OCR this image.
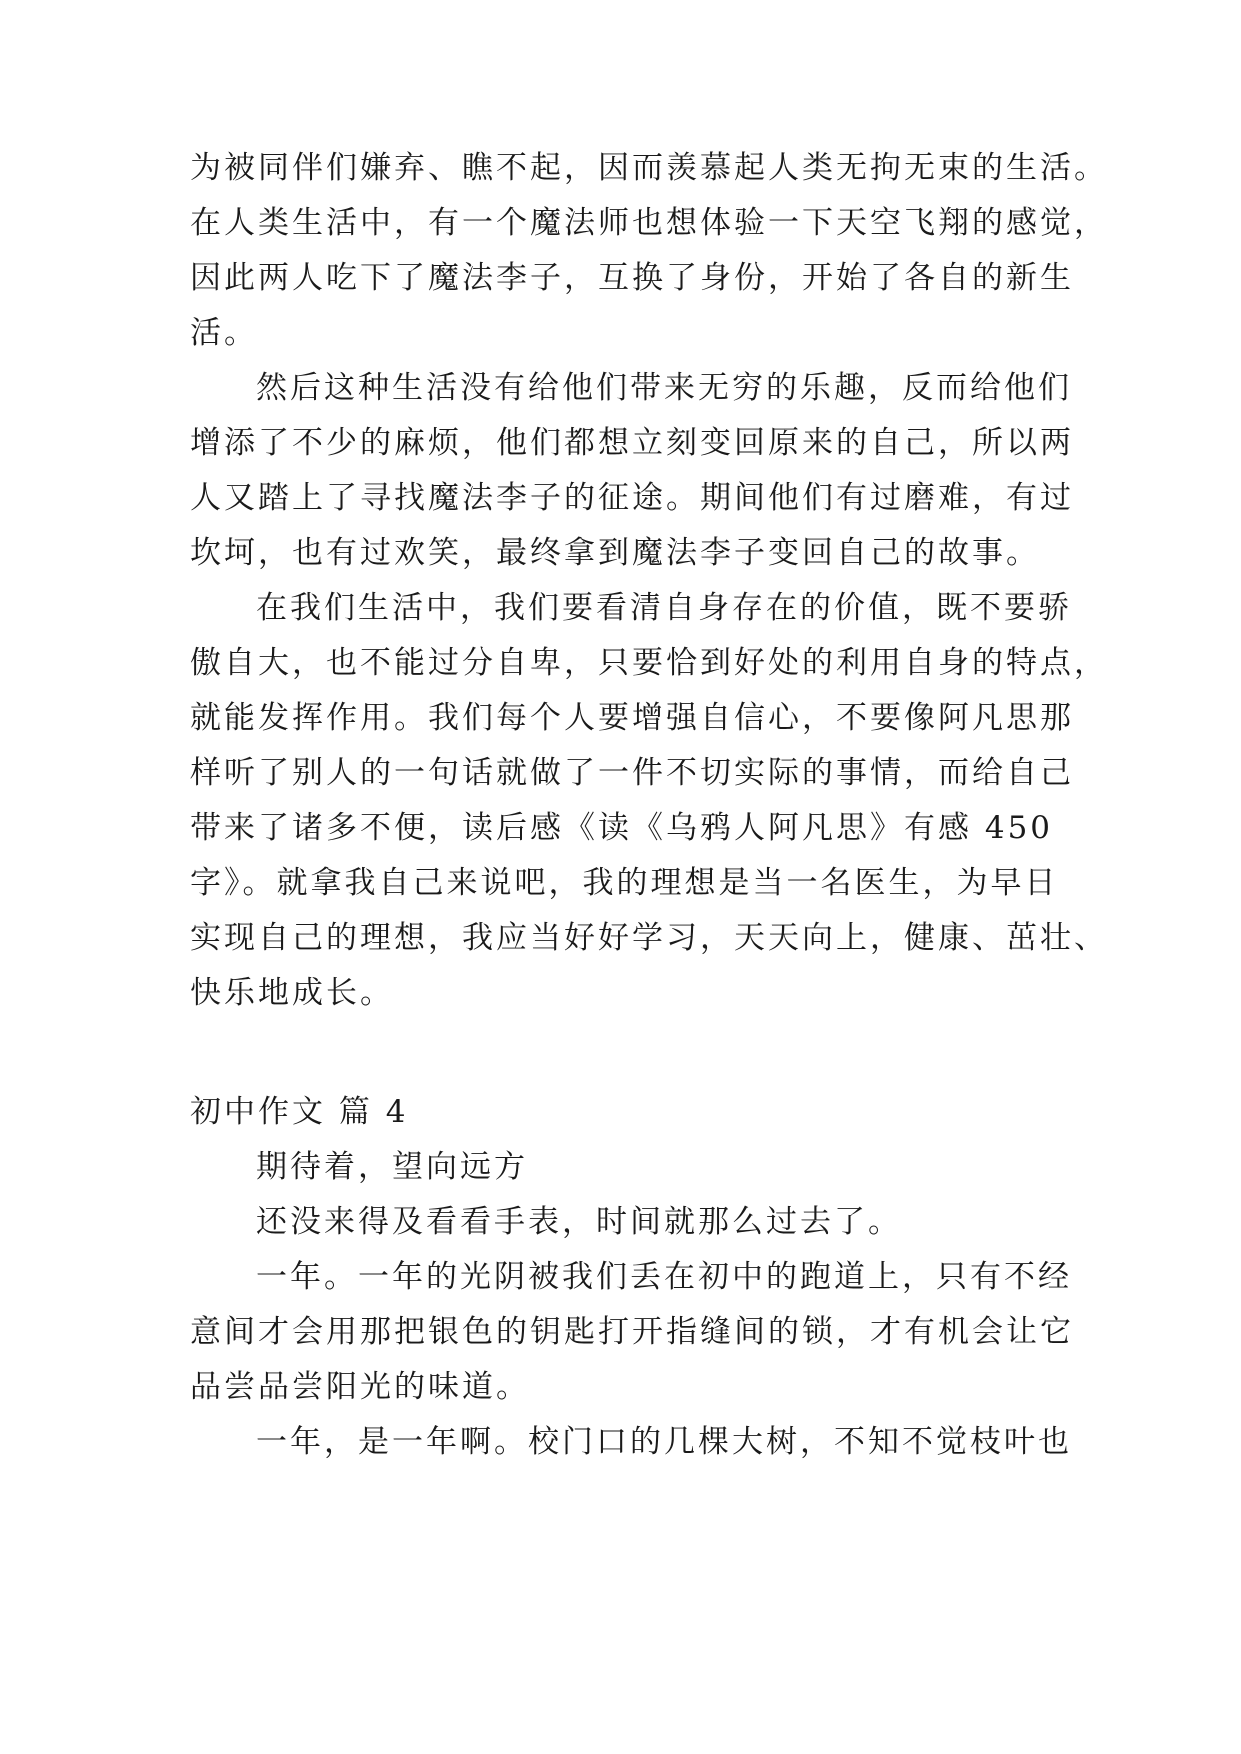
为被同伴们嫌弃、瞧不起，因而羡慕起人类无拘无束的生活。
在人类生活中，有一个魔法师也想体验一下天空飞翔的感觉，
因此两人吃下了魔法李子，互换了身份，开始了各自的新生
活。
然后这种生活没有给他们带来无穷的乐趣，反而给他们
增添了不少的麻烦，他们都想立刻变回原来的自己，所以两
人又踏上了寻找魔法李子的征途。期间他们有过磨难，有过
坎坷，也有过欢笑，最终拿到魔法李子变回自己的故事。
在我们生活中，我们要看清自身存在的价值，既不要骄
傲自大，也不能过分自卑，只要恰到好处的利用自身的特点，
就能发挥作用。我们每个人要增强自信心，不要像阿凡思那
样听了别人的一句话就做了一件不切实际的事情，而给自己
带来了诸多不便，读后感《读《乌鸦人阿凡思》有感 450
字》。就拿我自己来说吧，我的理想是当一名医生，为早日
实现自己的理想，我应当好好学习，天天向上，健康、茁壮、
快乐地成长。
初中作文 篇 4
期待着，望向远方
还没来得及看看手表，时间就那么过去了。
一年。一年的光阴被我们丢在初中的跑道上，只有不经
意间才会用那把银色的钥匙打开指缝间的锁，才有机会让它
品尝品尝阳光的味道。
一年，是一年啊。校门口的几棵大树，不知不觉枝叶也
